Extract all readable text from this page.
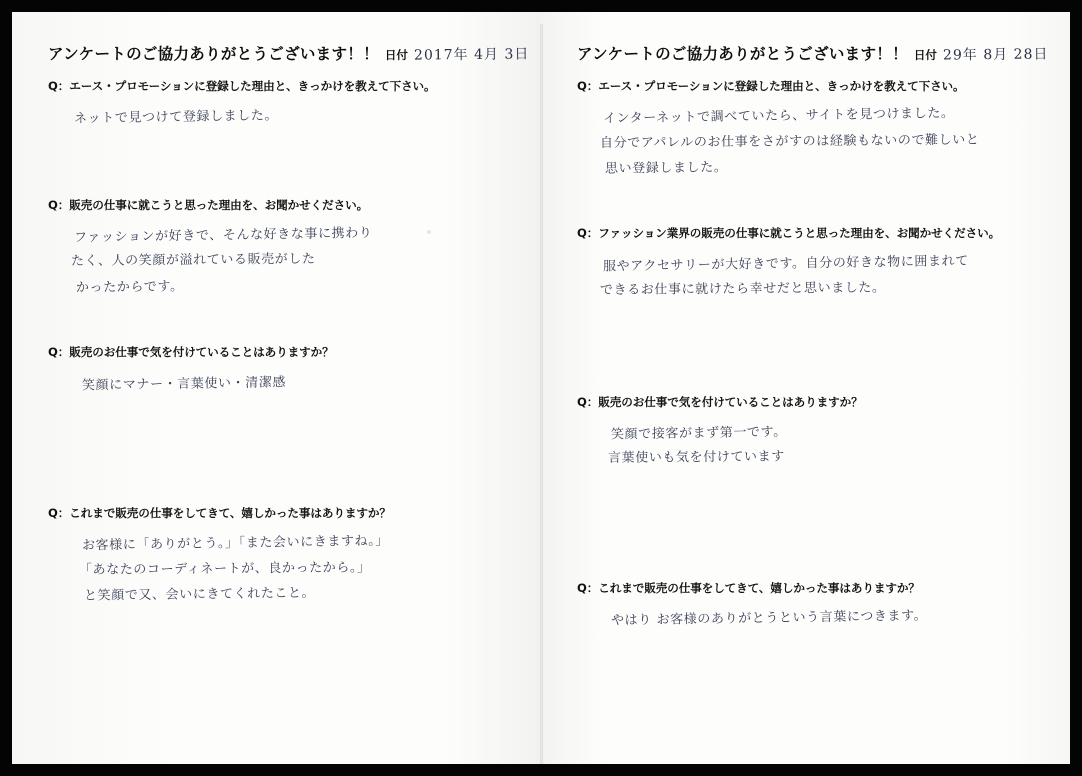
アンケートのご協力ありがとうございます！！ 日付 2017年 4月 3日
Q：エース・プロモーションに登録した理由と、きっかけを教えて下さい。
ネットで見つけて登録しました。
Q：販売の仕事に就こうと思った理由を、お聞かせください。
ファッションが好きで、そんな好きな事に携わり
たく、人の笑顔が溢れている販売がした
かったからです。
Q：販売のお仕事で気を付けていることはありますか？
笑顔にマナー・言葉使い・清潔感
Q：これまで販売の仕事をしてきて、嬉しかった事はありますか？
お客様に「ありがとう。」「また会いにきますね。」
「あなたのコーディネートが、良かったから。」
と笑顔で又、会いにきてくれたこと。
アンケートのご協力ありがとうございます！！ 日付 29年 8月 28日
Q：エース・プロモーションに登録した理由と、きっかけを教えて下さい。
インターネットで調べていたら、サイトを見つけました。
自分でアパレルのお仕事をさがすのは経験もないので難しいと
思い登録しました。
Q：ファッション業界の販売の仕事に就こうと思った理由を、お聞かせください。
服やアクセサリーが大好きです。自分の好きな物に囲まれて
できるお仕事に就けたら幸せだと思いました。
Q：販売のお仕事で気を付けていることはありますか？
笑顔で接客がまず第一です。
言葉使いも気を付けています
Q：これまで販売の仕事をしてきて、嬉しかった事はありますか？
やはり お客様のありがとうという言葉につきます。
